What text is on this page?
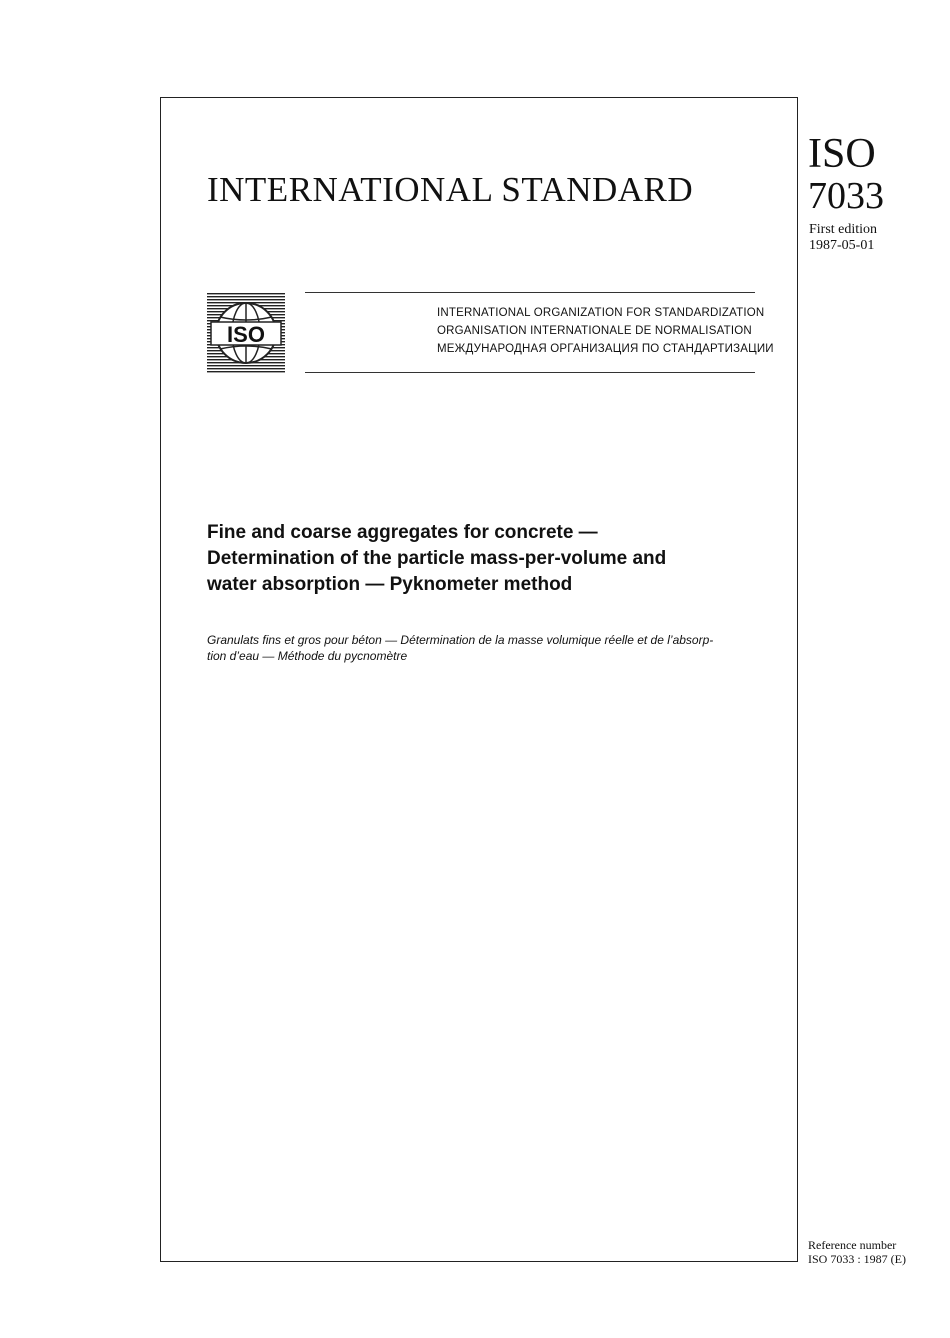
INTERNATIONAL STANDARD
ISO
7033
First edition
1987-05-01
ISO
INTERNATIONAL ORGANIZATION FOR STANDARDIZATION
ORGANISATION INTERNATIONALE DE NORMALISATION
МЕЖДУНАРОДНАЯ ОРГАНИЗАЦИЯ ПО СТАНДАРТИЗАЦИИ
Fine and coarse aggregates for concrete —
Determination of the particle mass-per-volume and
water absorption — Pyknometer method
Granulats fins et gros pour béton — Détermination de la masse volumique réelle et de l’absorp-
tion d’eau — Méthode du pycnomètre
Reference number
ISO 7033 : 1987 (E)
